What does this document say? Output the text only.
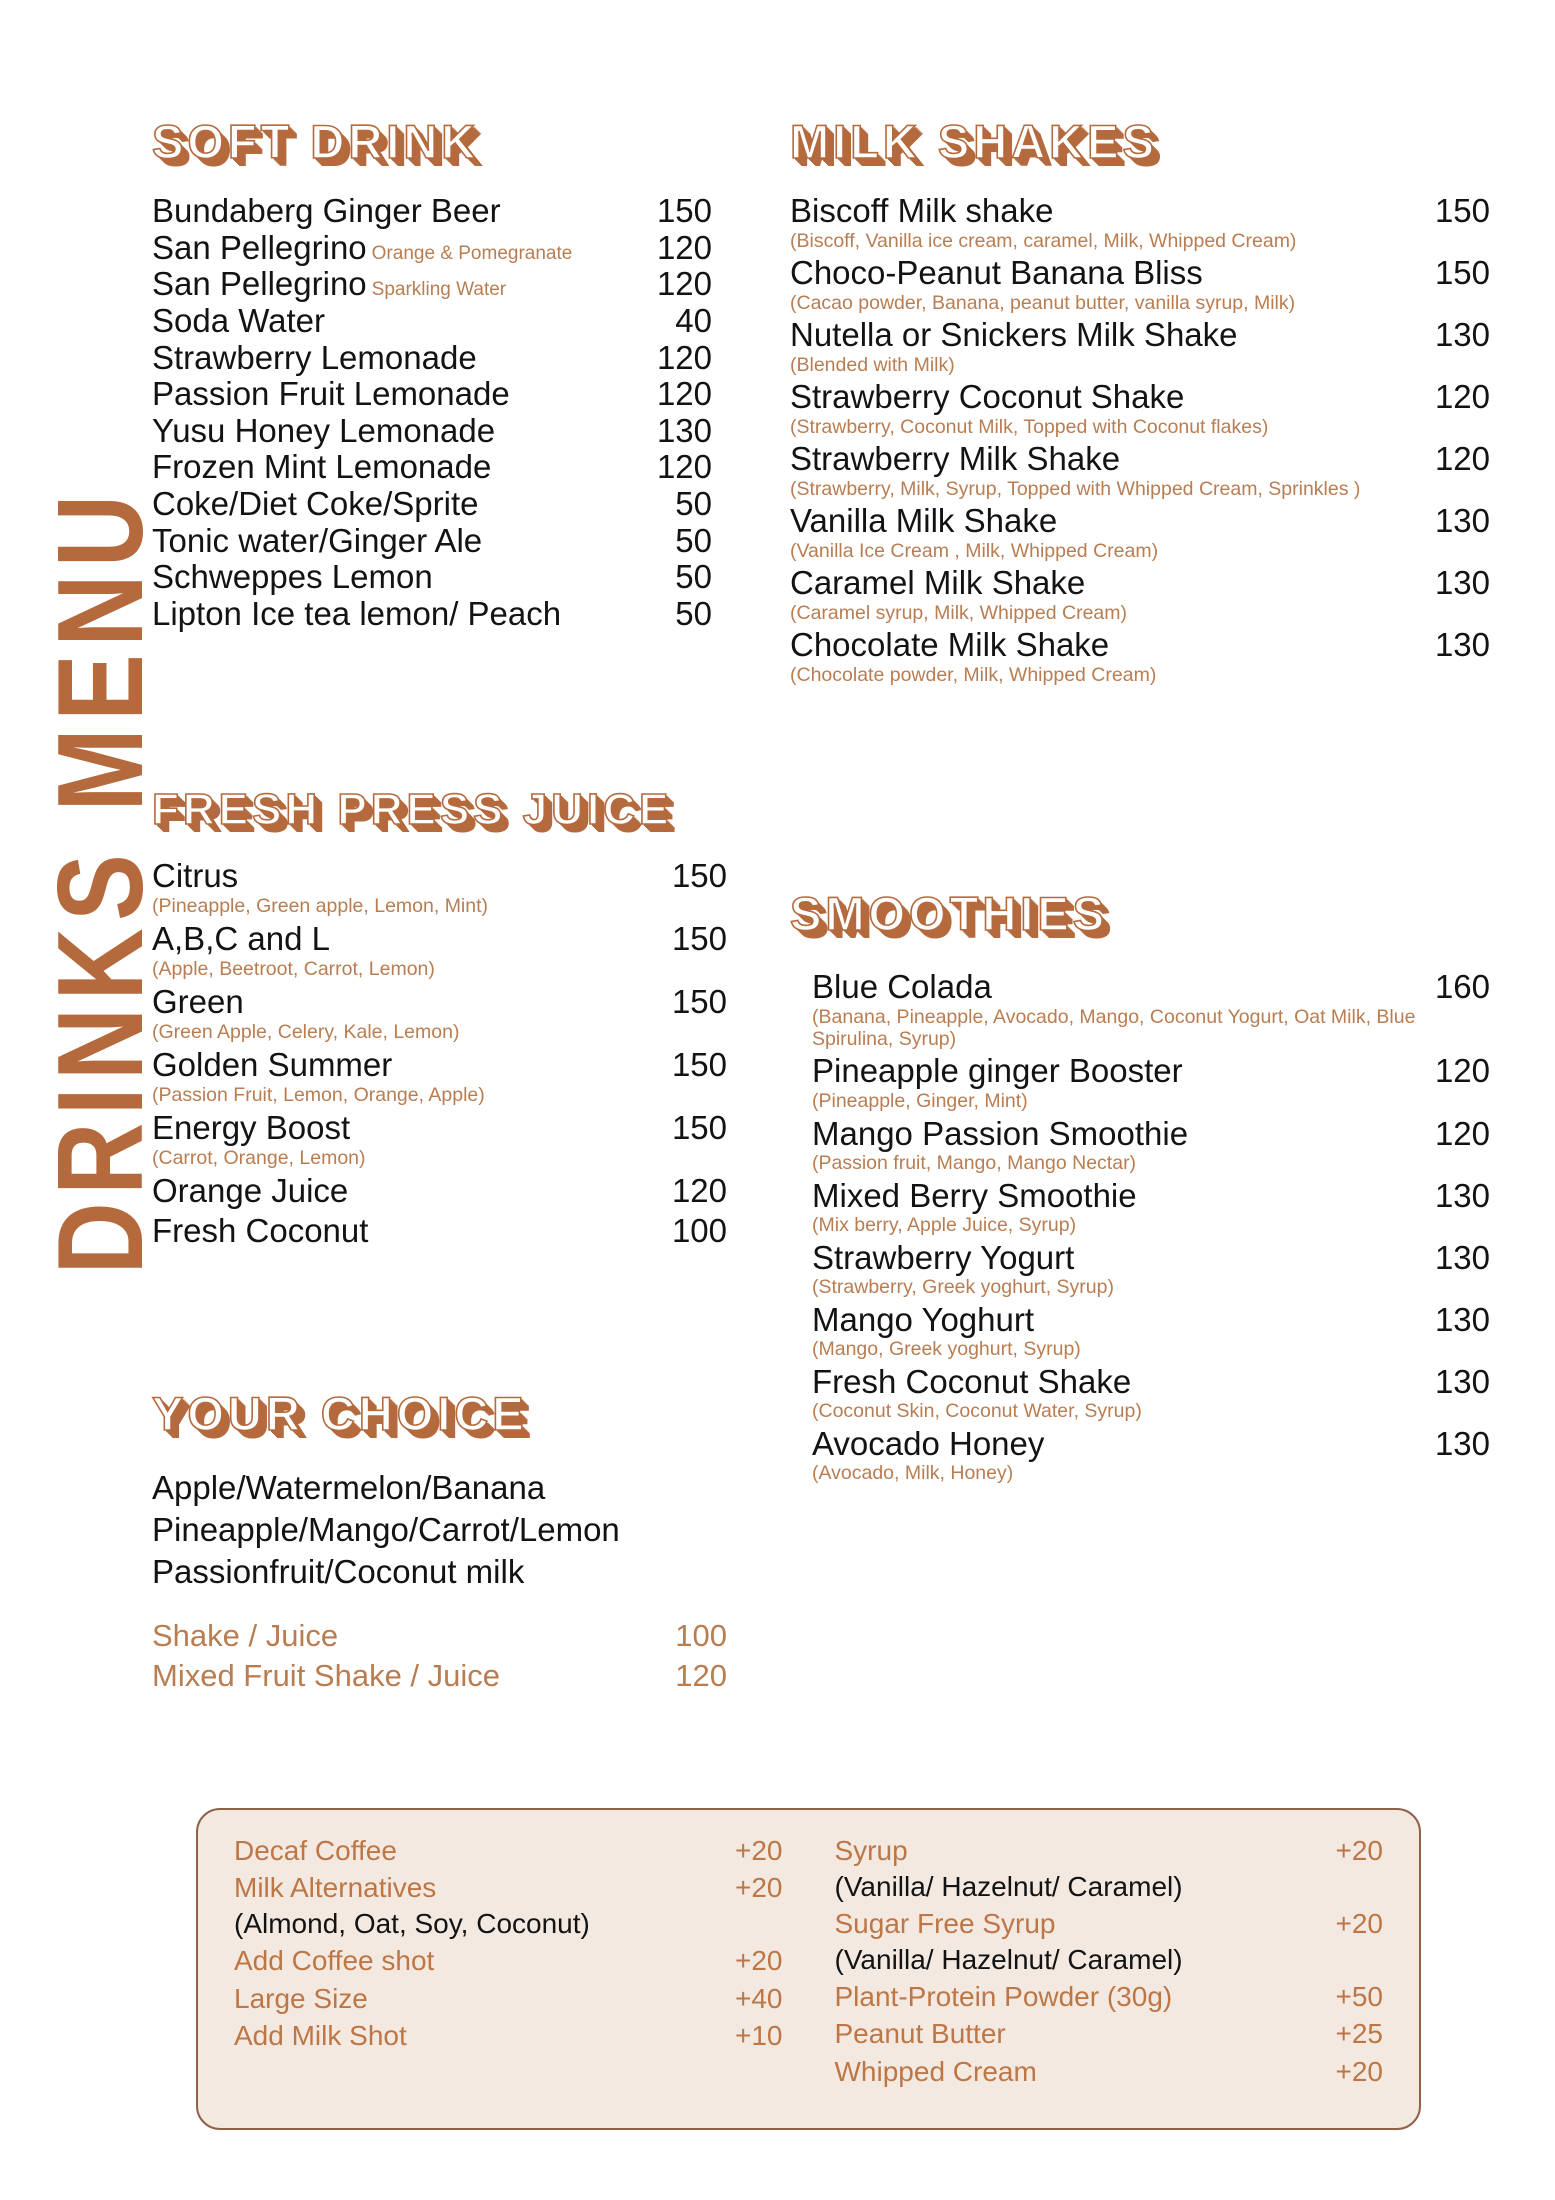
DRINKS MENU
SOFT DRINK
Bundaberg Ginger Beer	150
San Pellegrino Orange & Pomegranate	120
San Pellegrino Sparkling Water	120
Soda Water	40
Strawberry Lemonade	120
Passion Fruit Lemonade	120
Yusu Honey Lemonade	130
Frozen Mint Lemonade	120
Coke/Diet Coke/Sprite	50
Tonic water/Ginger Ale	50
Schweppes Lemon	50
Lipton Ice tea lemon/ Peach	50
FRESH PRESS JUICE
Citrus	150
(Pineapple, Green apple, Lemon, Mint)
A,B,C and L	150
(Apple, Beetroot, Carrot, Lemon)
Green	150
(Green Apple, Celery, Kale, Lemon)
Golden Summer	150
(Passion Fruit, Lemon, Orange, Apple)
Energy Boost	150
(Carrot, Orange, Lemon)
Orange Juice	120
Fresh Coconut	100
YOUR CHOICE
Apple/Watermelon/Banana
Pineapple/Mango/Carrot/Lemon
Passionfruit/Coconut milk
Shake / Juice	100
Mixed Fruit Shake / Juice	120
MILK SHAKES
Biscoff Milk shake	150
(Biscoff, Vanilla ice cream, caramel, Milk, Whipped Cream)
Choco-Peanut Banana Bliss	150
(Cacao powder, Banana, peanut butter, vanilla syrup, Milk)
Nutella or Snickers Milk Shake	130
(Blended with Milk)
Strawberry Coconut Shake	120
(Strawberry, Coconut Milk, Topped with Coconut flakes)
Strawberry Milk Shake	120
(Strawberry, Milk, Syrup, Topped with Whipped Cream, Sprinkles )
Vanilla Milk Shake	130
(Vanilla Ice Cream , Milk, Whipped Cream)
Caramel Milk Shake	130
(Caramel syrup, Milk, Whipped Cream)
Chocolate Milk Shake	130
(Chocolate powder, Milk, Whipped Cream)
SMOOTHIES
Blue Colada	160
(Banana, Pineapple, Avocado, Mango, Coconut Yogurt, Oat Milk, Blue Spirulina, Syrup)
Pineapple ginger Booster	120
(Pineapple, Ginger, Mint)
Mango Passion Smoothie	120
(Passion fruit, Mango, Mango Nectar)
Mixed Berry Smoothie	130
(Mix berry, Apple Juice, Syrup)
Strawberry Yogurt	130
(Strawberry, Greek yoghurt, Syrup)
Mango Yoghurt	130
(Mango, Greek yoghurt, Syrup)
Fresh Coconut Shake	130
(Coconut Skin, Coconut Water, Syrup)
Avocado Honey	130
(Avocado, Milk, Honey)
Decaf Coffee	+20
Milk Alternatives	+20
(Almond, Oat, Soy, Coconut)
Add Coffee shot	+20
Large Size	+40
Add Milk Shot	+10
Syrup	+20
(Vanilla/ Hazelnut/ Caramel)
Sugar Free Syrup	+20
(Vanilla/ Hazelnut/ Caramel)
Plant-Protein Powder (30g)	+50
Peanut Butter	+25
Whipped Cream	+20
